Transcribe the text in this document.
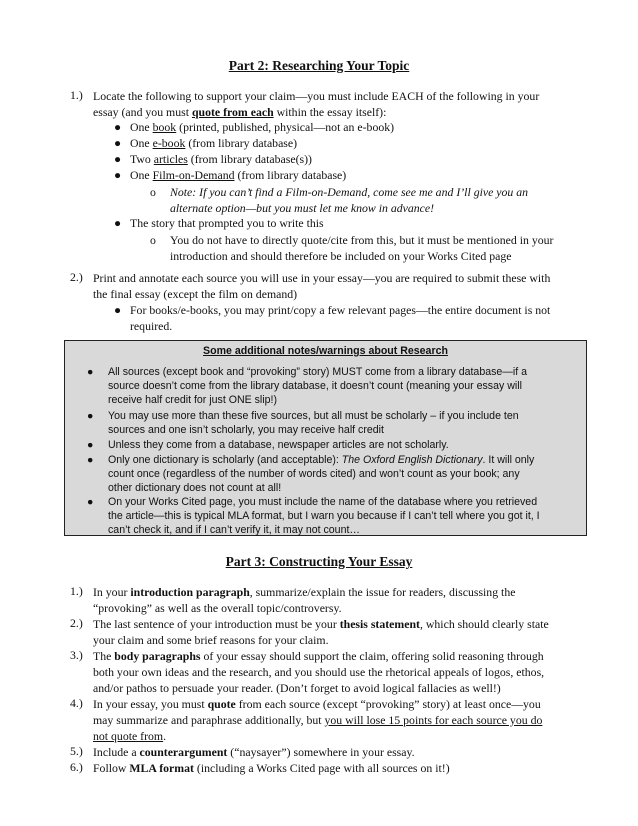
Part 2: Researching Your Topic
1.) Locate the following to support your claim—you must include EACH of the following in your
essay (and you must quote from each within the essay itself):
● One book (printed, published, physical—not an e-book)
● One e-book (from library database)
● Two articles (from library database(s))
● One Film-on-Demand (from library database)
o Note: If you can’t find a Film-on-Demand, come see me and I’ll give you an
alternate option—but you must let me know in advance!
● The story that prompted you to write this
o You do not have to directly quote/cite from this, but it must be mentioned in your
introduction and should therefore be included on your Works Cited page
2.) Print and annotate each source you will use in your essay—you are required to submit these with
the final essay (except the film on demand)
● For books/e-books, you may print/copy a few relevant pages—the entire document is not
required.
Some additional notes/warnings about Research
● All sources (except book and “provoking” story) MUST come from a library database—if a
source doesn’t come from the library database, it doesn’t count (meaning your essay will
receive half credit for just ONE slip!)
● You may use more than these five sources, but all must be scholarly – if you include ten
sources and one isn’t scholarly, you may receive half credit
● Unless they come from a database, newspaper articles are not scholarly.
● Only one dictionary is scholarly (and acceptable): The Oxford English Dictionary. It will only
count once (regardless of the number of words cited) and won’t count as your book; any
other dictionary does not count at all!
● On your Works Cited page, you must include the name of the database where you retrieved
the article—this is typical MLA format, but I warn you because if I can’t tell where you got it, I
can’t check it, and if I can’t verify it, it may not count…
Part 3: Constructing Your Essay
1.) In your introduction paragraph, summarize/explain the issue for readers, discussing the
“provoking” as well as the overall topic/controversy.
2.) The last sentence of your introduction must be your thesis statement, which should clearly state
your claim and some brief reasons for your claim.
3.) The body paragraphs of your essay should support the claim, offering solid reasoning through
both your own ideas and the research, and you should use the rhetorical appeals of logos, ethos,
and/or pathos to persuade your reader. (Don’t forget to avoid logical fallacies as well!)
4.) In your essay, you must quote from each source (except “provoking” story) at least once—you
may summarize and paraphrase additionally, but you will lose 15 points for each source you do
not quote from.
5.) Include a counterargument (“naysayer”) somewhere in your essay.
6.) Follow MLA format (including a Works Cited page with all sources on it!)
